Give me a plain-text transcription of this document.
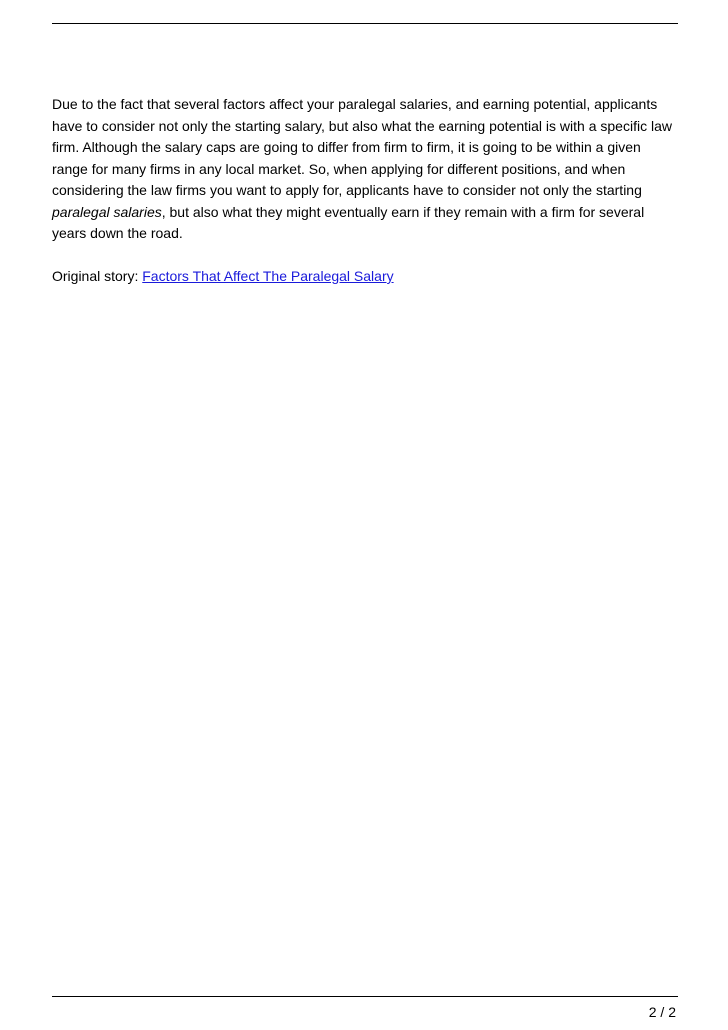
Due to the fact that several factors affect your paralegal salaries, and earning potential, applicants have to consider not only the starting salary, but also what the earning potential is with a specific law firm. Although the salary caps are going to differ from firm to firm, it is going to be within a given range for many firms in any local market. So, when applying for different positions, and when considering the law firms you want to apply for, applicants have to consider not only the starting paralegal salaries, but also what they might eventually earn if they remain with a firm for several years down the road.

Original story: Factors That Affect The Paralegal Salary

2 / 2
